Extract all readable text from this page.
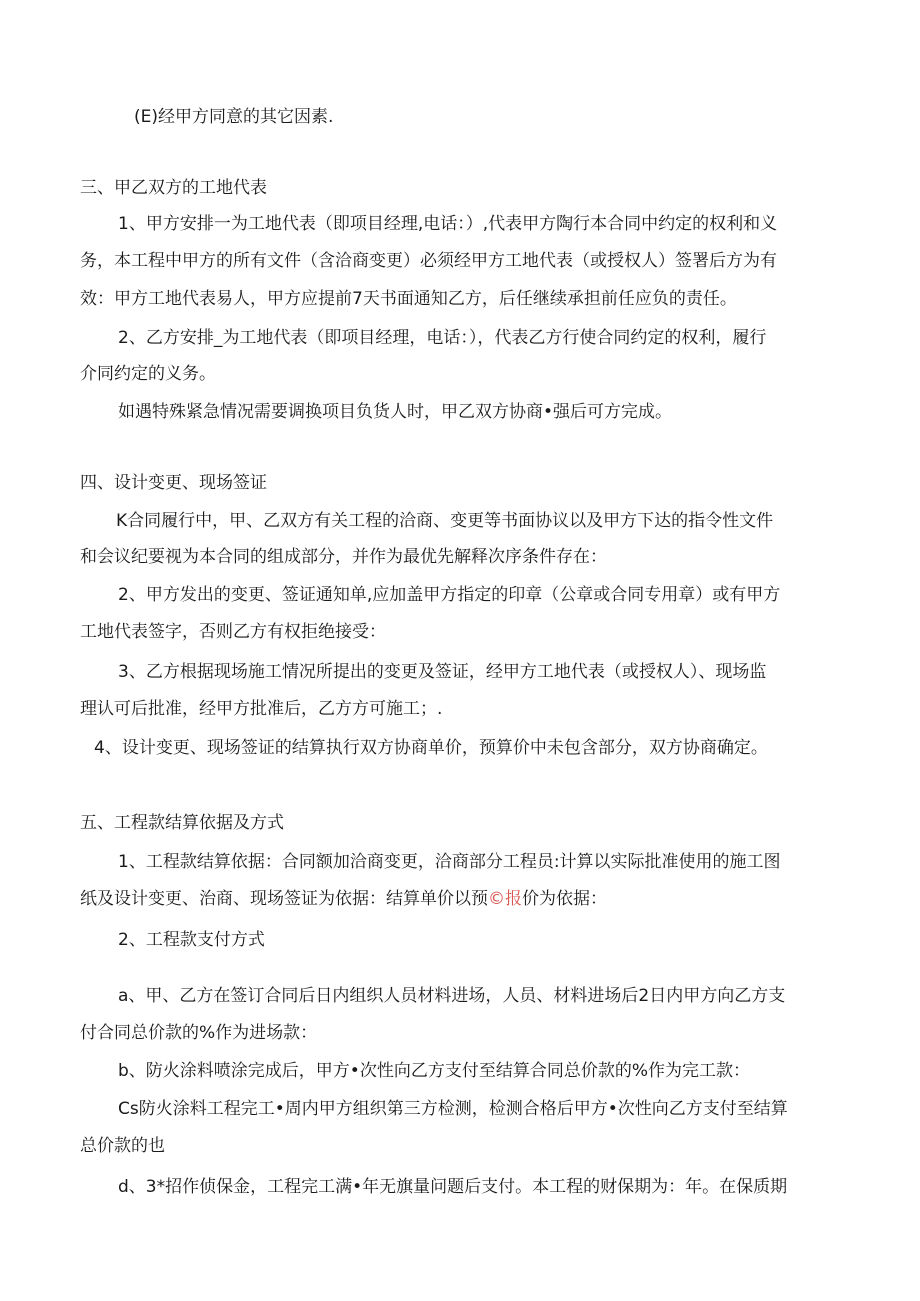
(E)经甲方同意的其它因素.
三、甲乙双方的工地代表
1、甲方安排一为工地代表（即项目经理,电话：）,代表甲方陶行本合同中约定的权利和义
务，本工程中甲方的所有文件（含洽商变更）必须经甲方工地代表（或授权人）签署后方为有
效：甲方工地代表易人，甲方应提前7天书面通知乙方，后任继续承担前任应负的责任。
2、乙方安排_为工地代表（即项目经理，电话：），代表乙方行使合同约定的权利，履行
介同约定的义务。
如遇特殊紧急情况需要调换项目负货人时，甲乙双方协商•强后可方完成。
四、设计变更、现场签证
K合同履行中，甲、乙双方有关工程的洽商、变更等书面协议以及甲方下达的指令性文件
和会议纪要视为本合同的组成部分，并作为最优先解释次序条件存在：
2、甲方发出的变更、签证通知单,应加盖甲方指定的印章（公章或合同专用章）或有甲方
工地代表签字，否则乙方有权拒绝接受：
3、乙方根据现场施工情况所提出的变更及签证，经甲方工地代表（或授权人）、现场监
理认可后批准，经甲方批准后，乙方方可施工；.
4、设计变更、现场签证的结算执行双方协商单价，预算价中未包含部分，双方协商确定。
五、工程款结算依据及方式
1、工程款结算依据：合同额加洽商变更，洽商部分工程员:计算以实际批准使用的施工图
纸及设计变更、治商、现场签证为依据：结算单价以预©报价为依据：
2、工程款支付方式
a、甲、乙方在签订合同后日内组织人员材料进场，人员、材料进场后2日内甲方向乙方支
付合同总价款的%作为进场款：
b、防火涂料喷涂完成后，甲方•次性向乙方支付至结算合同总价款的%作为完工款：
Cs防火涂料工程完工•周内甲方组织第三方检测，检测合格后甲方•次性向乙方支付至结算
总价款的也
d、3*招作侦保金，工程完工满•年无旗量问题后支付。本工程的财保期为：年。在保质期
